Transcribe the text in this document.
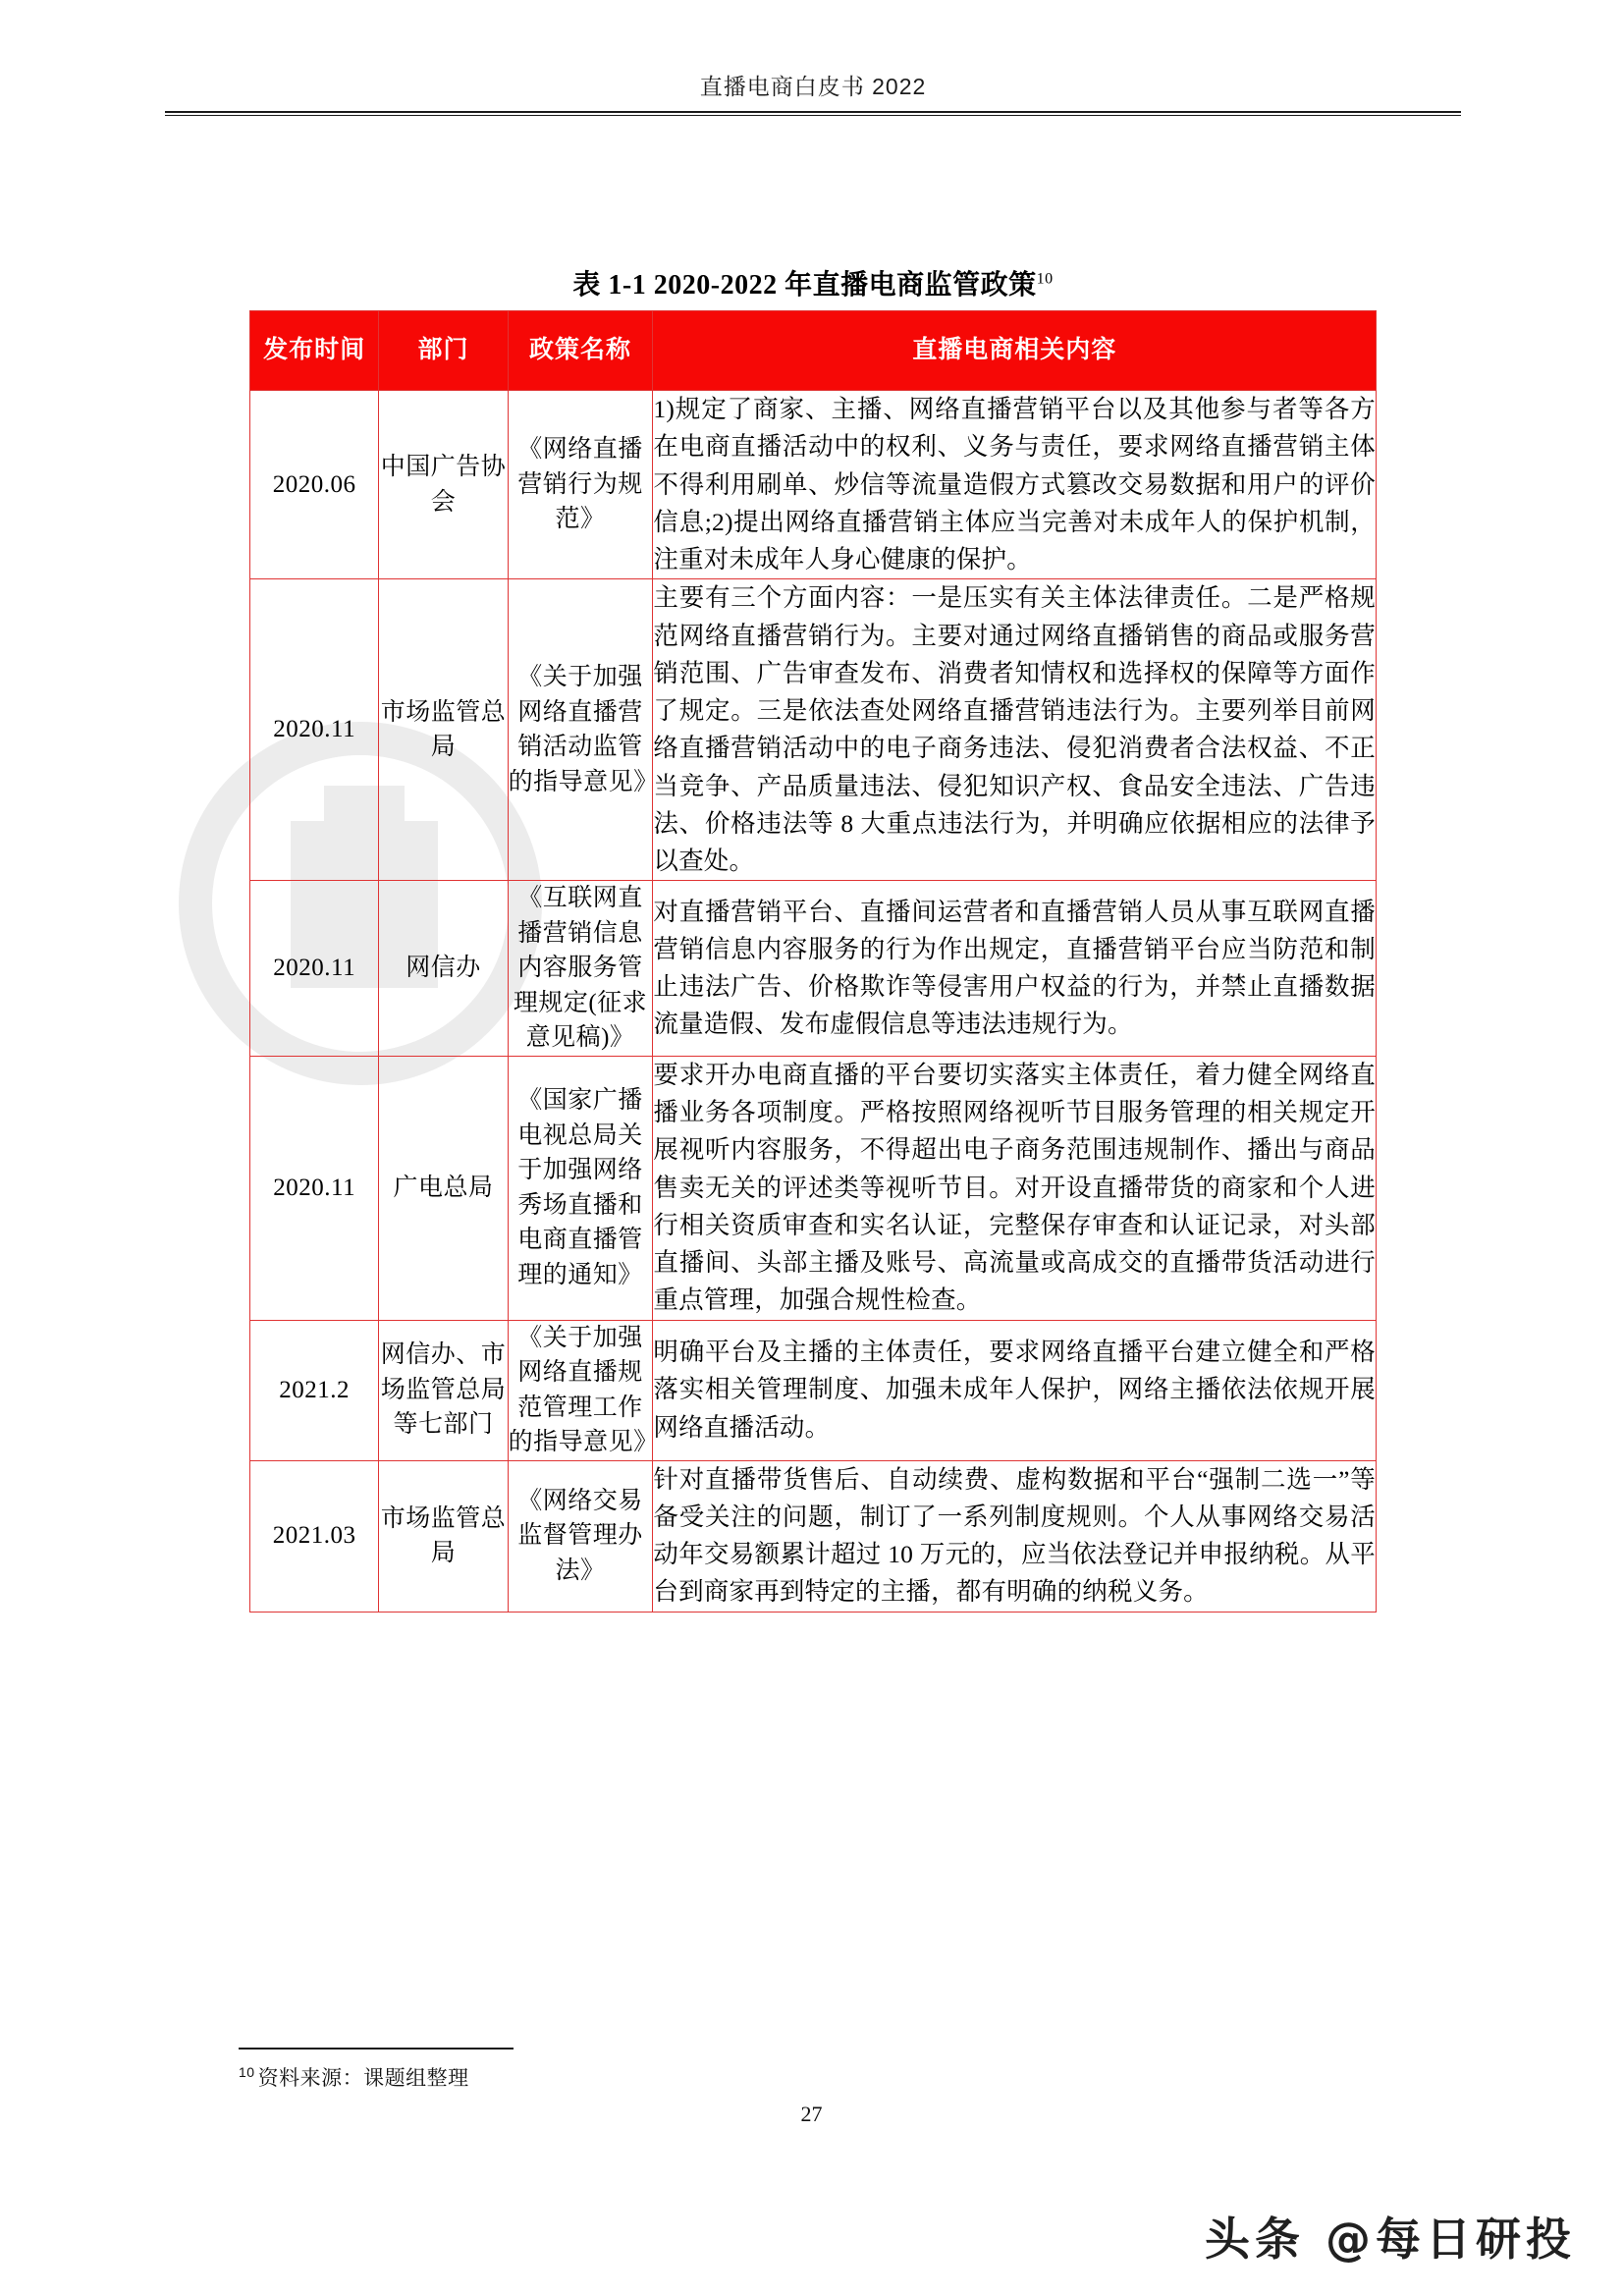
直播电商白皮书 2022
表 1-1 2020-2022 年直播电商监管政策$^{10}$
发布时间	部门	政策名称	直播电商相关内容
2020.06	中国广告协会	《网络直播营销行为规范》	1)规定了商家、主播、网络直播营销平台以及其他参与者等各方在电商直播活动中的权利、义务与责任，要求网络直播营销主体不得利用刷单、炒信等流量造假方式篡改交易数据和用户的评价信息;2)提出网络直播营销主体应当完善对未成年人的保护机制，注重对未成年人身心健康的保护。
2020.11	市场监管总局	《关于加强网络直播营销活动监管的指导意见》	主要有三个方面内容：一是压实有关主体法律责任。二是严格规范网络直播营销行为。主要对通过网络直播销售的商品或服务营销范围、广告审查发布、消费者知情权和选择权的保障等方面作了规定。三是依法查处网络直播营销违法行为。主要列举目前网络直播营销活动中的电子商务违法、侵犯消费者合法权益、不正当竞争、产品质量违法、侵犯知识产权、食品安全违法、广告违法、价格违法等 8 大重点违法行为，并明确应依据相应的法律予以查处。
2020.11	网信办	《互联网直播营销信息内容服务管理规定(征求意见稿)》	对直播营销平台、直播间运营者和直播营销人员从事互联网直播营销信息内容服务的行为作出规定，直播营销平台应当防范和制止违法广告、价格欺诈等侵害用户权益的行为，并禁止直播数据流量造假、发布虚假信息等违法违规行为。
2020.11	广电总局	《国家广播电视总局关于加强网络秀场直播和电商直播管理的通知》	要求开办电商直播的平台要切实落实主体责任，着力健全网络直播业务各项制度。严格按照网络视听节目服务管理的相关规定开展视听内容服务，不得超出电子商务范围违规制作、播出与商品售卖无关的评述类等视听节目。对开设直播带货的商家和个人进行相关资质审查和实名认证，完整保存审查和认证记录，对头部直播间、头部主播及账号、高流量或高成交的直播带货活动进行重点管理，加强合规性检查。
2021.2	网信办、市场监管总局等七部门	《关于加强网络直播规范管理工作的指导意见》	明确平台及主播的主体责任，要求网络直播平台建立健全和严格落实相关管理制度、加强未成年人保护，网络主播依法依规开展网络直播活动。
2021.03	市场监管总局	《网络交易监督管理办法》	针对直播带货售后、自动续费、虚构数据和平台“强制二选一”等备受关注的问题，制订了一系列制度规则。个人从事网络交易活动年交易额累计超过 10 万元的，应当依法登记并申报纳税。从平台到商家再到特定的主播，都有明确的纳税义务。
$^{10}$ 资料来源：课题组整理
27
头条 @每日研投
